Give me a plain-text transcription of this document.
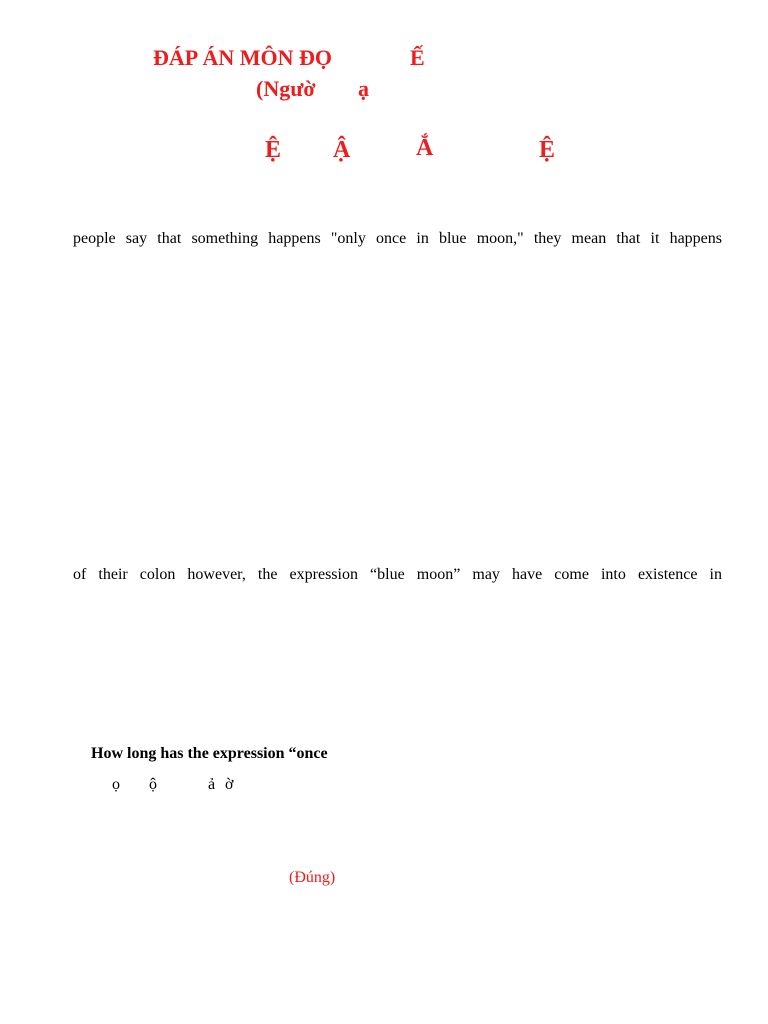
ĐÁP ÁN MÔN ĐỌ	Ế
(Ngườ ạ
Ệ Ậ	Ắ	Ệ
people say that something happens "only once in blue moon," they mean that it happens
of their colon however, the expression “blue moon” may have come into existence in
How long has the expression “once
ọ ộ	ả ờ
(Đúng)
